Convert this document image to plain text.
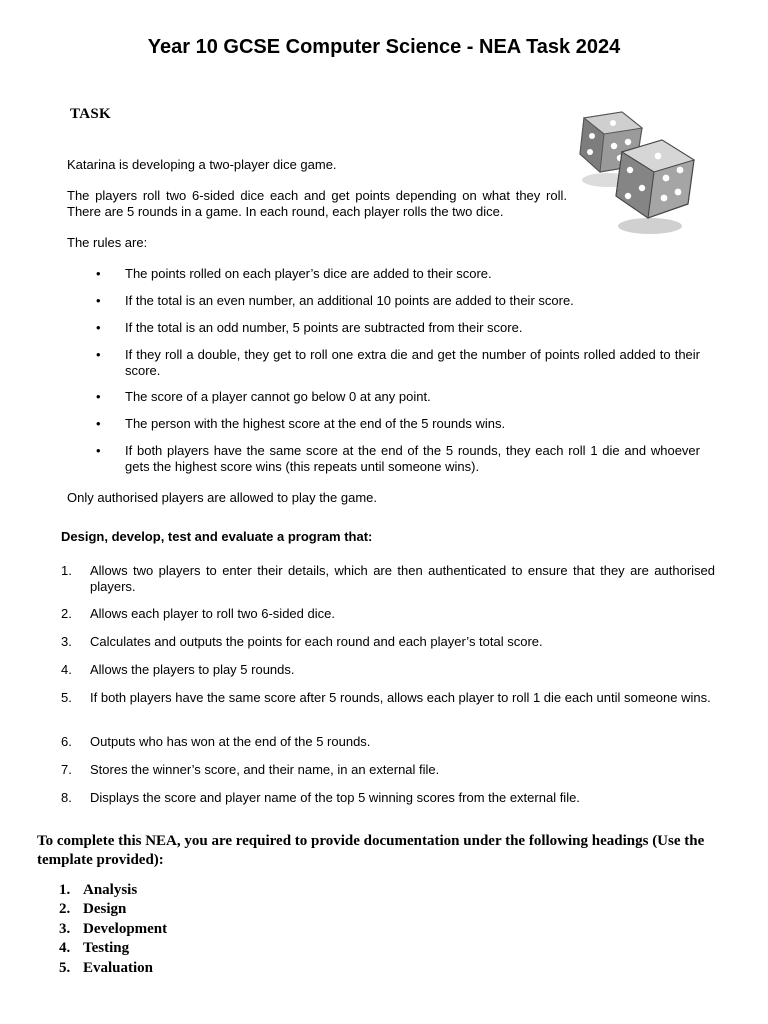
Year 10 GCSE Computer Science - NEA Task 2024
TASK
Katarina is developing a two-player dice game.
The players roll two 6-sided dice each and get points depending on what they roll. There are 5 rounds in a game. In each round, each player rolls the two dice.
The rules are:
• The points rolled on each player’s dice are added to their score.
• If the total is an even number, an additional 10 points are added to their score.
• If the total is an odd number, 5 points are subtracted from their score.
• If they roll a double, they get to roll one extra die and get the number of points rolled added to their score.
• The score of a player cannot go below 0 at any point.
• The person with the highest score at the end of the 5 rounds wins.
• If both players have the same score at the end of the 5 rounds, they each roll 1 die and whoever gets the highest score wins (this repeats until someone wins).
Only authorised players are allowed to play the game.
Design, develop, test and evaluate a program that:
1. Allows two players to enter their details, which are then authenticated to ensure that they are authorised players.
2. Allows each player to roll two 6-sided dice.
3. Calculates and outputs the points for each round and each player’s total score.
4. Allows the players to play 5 rounds.
5. If both players have the same score after 5 rounds, allows each player to roll 1 die each until someone wins.
6. Outputs who has won at the end of the 5 rounds.
7. Stores the winner’s score, and their name, in an external file.
8. Displays the score and player name of the top 5 winning scores from the external file.
To complete this NEA, you are required to provide documentation under the following headings (Use the template provided):
1. Analysis
2. Design
3. Development
4. Testing
5. Evaluation
